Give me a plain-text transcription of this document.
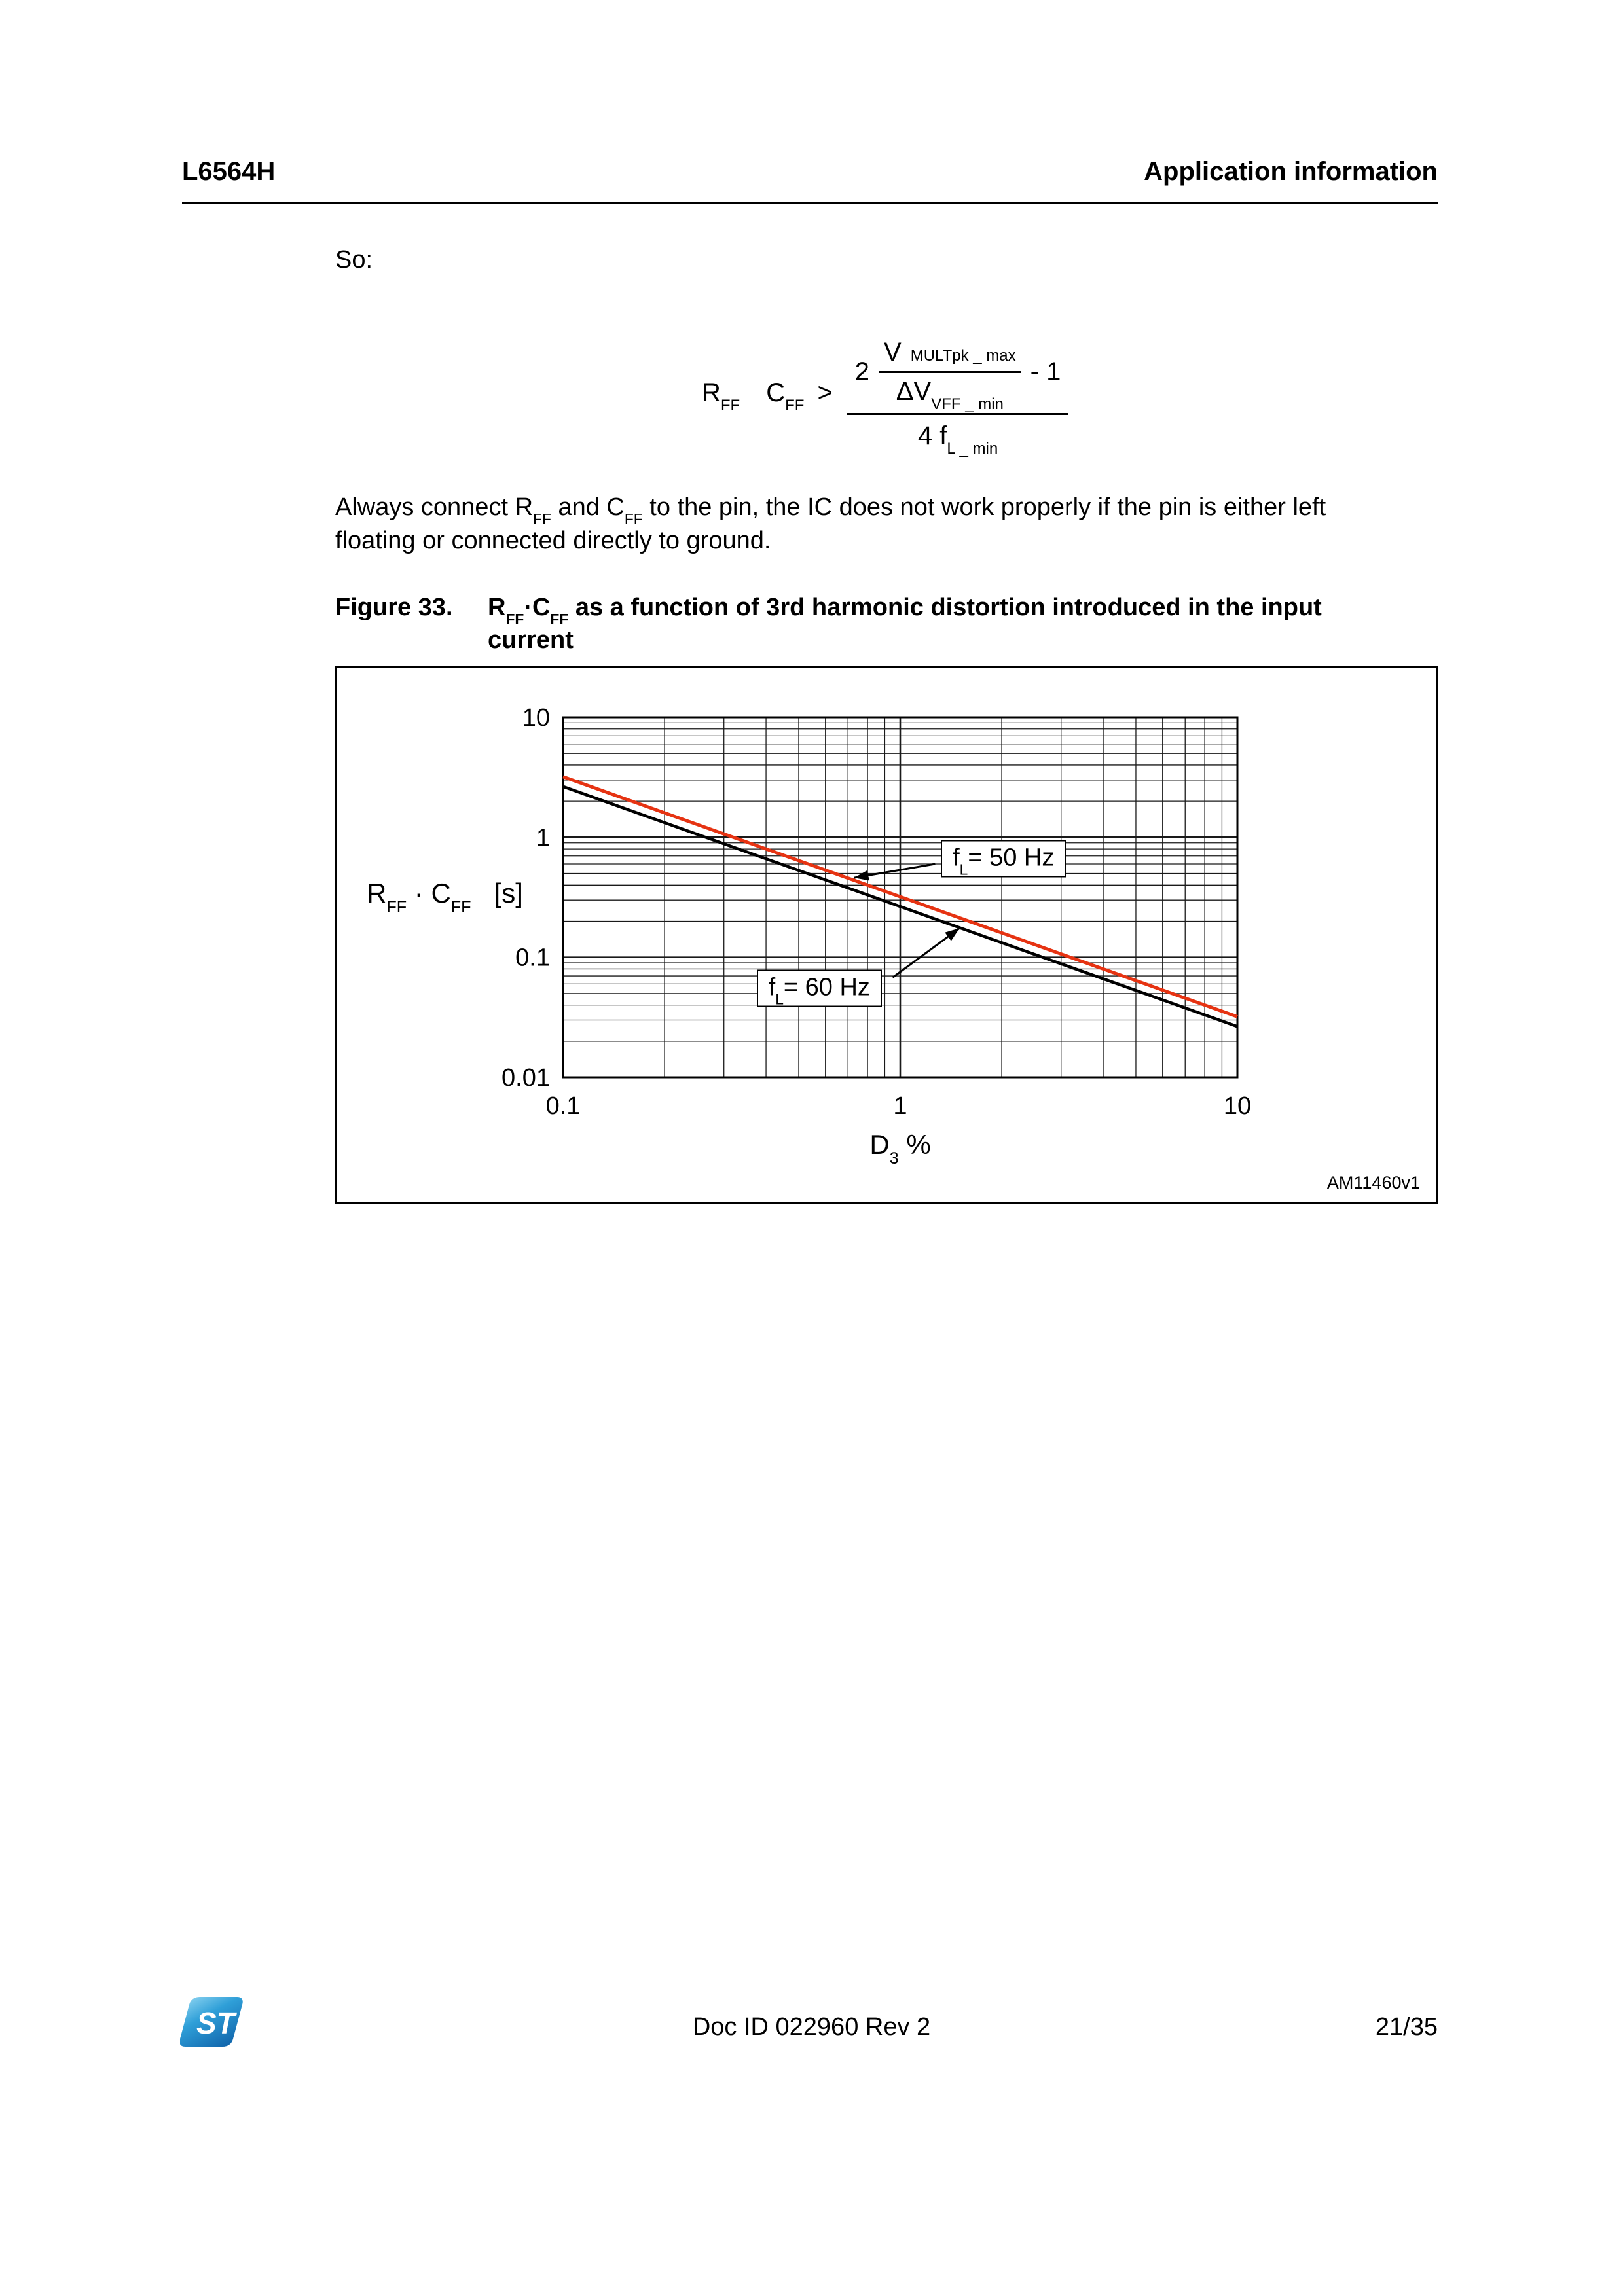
L6564H	Application information
So:
$R_{FF}$   $C_{FF}$ >
$2 \frac{V _{MULTpk \_ max}}{\Delta V_{VFF \_ min}} - 1$
4 $f_{L \_ min}$
Always connect $R_{FF}$ and $C_{FF}$ to the pin, the IC does not work properly if the pin is either left
floating or connected directly to ground.
Figure 33.	$R_{FF}\cdot C_{FF}$ as a function of 3rd harmonic distortion introduced in the input
current
10
1
0.1
0.01
0.1	1	10
$R_{FF} \cdot C_{FF}$   [s]
$D_3$ %
$f_L= 50$ Hz
$f_L= 60$ Hz
AM11460v1
ST	Doc ID 022960 Rev 2	21/35
